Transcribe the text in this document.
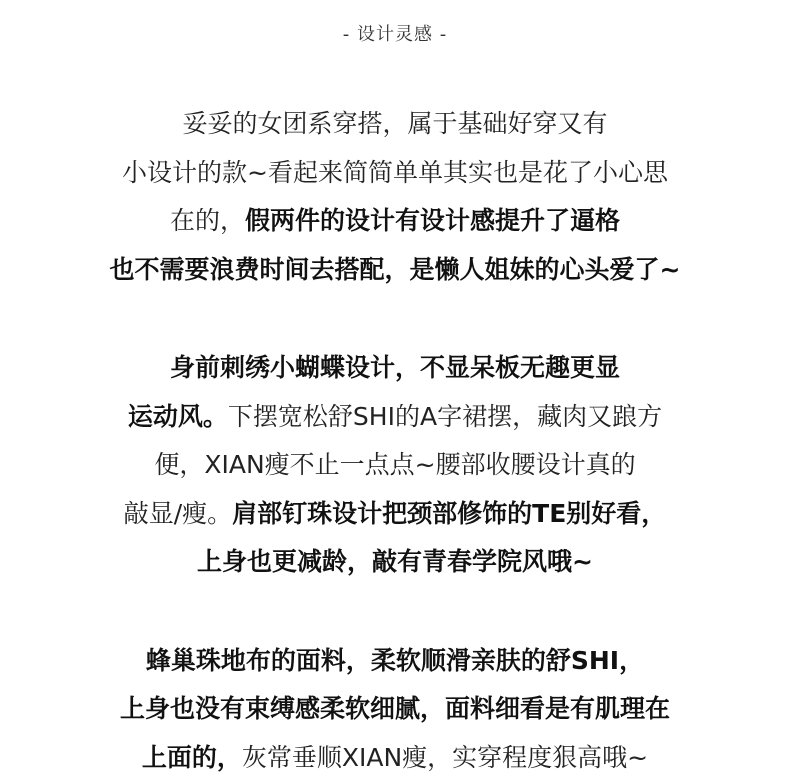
- 设计灵感 -
妥妥的女团系穿搭，属于基础好穿又有
小设计的款~看起来简简单单其实也是花了小心思
在的，假两件的设计有设计感提升了逼格
也不需要浪费时间去搭配，是懒人姐妹的心头爱了~
身前刺绣小蝴蝶设计，不显呆板无趣更显
运动风。下摆宽松舒SHI的A字裙摆，藏肉又踉方
便，XIAN瘦不止一点点~腰部收腰设计真的
敲显/瘦。肩部钉珠设计把颈部修饰的TE别好看，
上身也更减龄，敲有青春学院风哦~
蜂巢珠地布的面料，柔软顺滑亲肤的舒SHI，
上身也没有束缚感柔软细腻，面料细看是有肌理在
上面的，灰常垂顺XIAN瘦，实穿程度狠高哦~
